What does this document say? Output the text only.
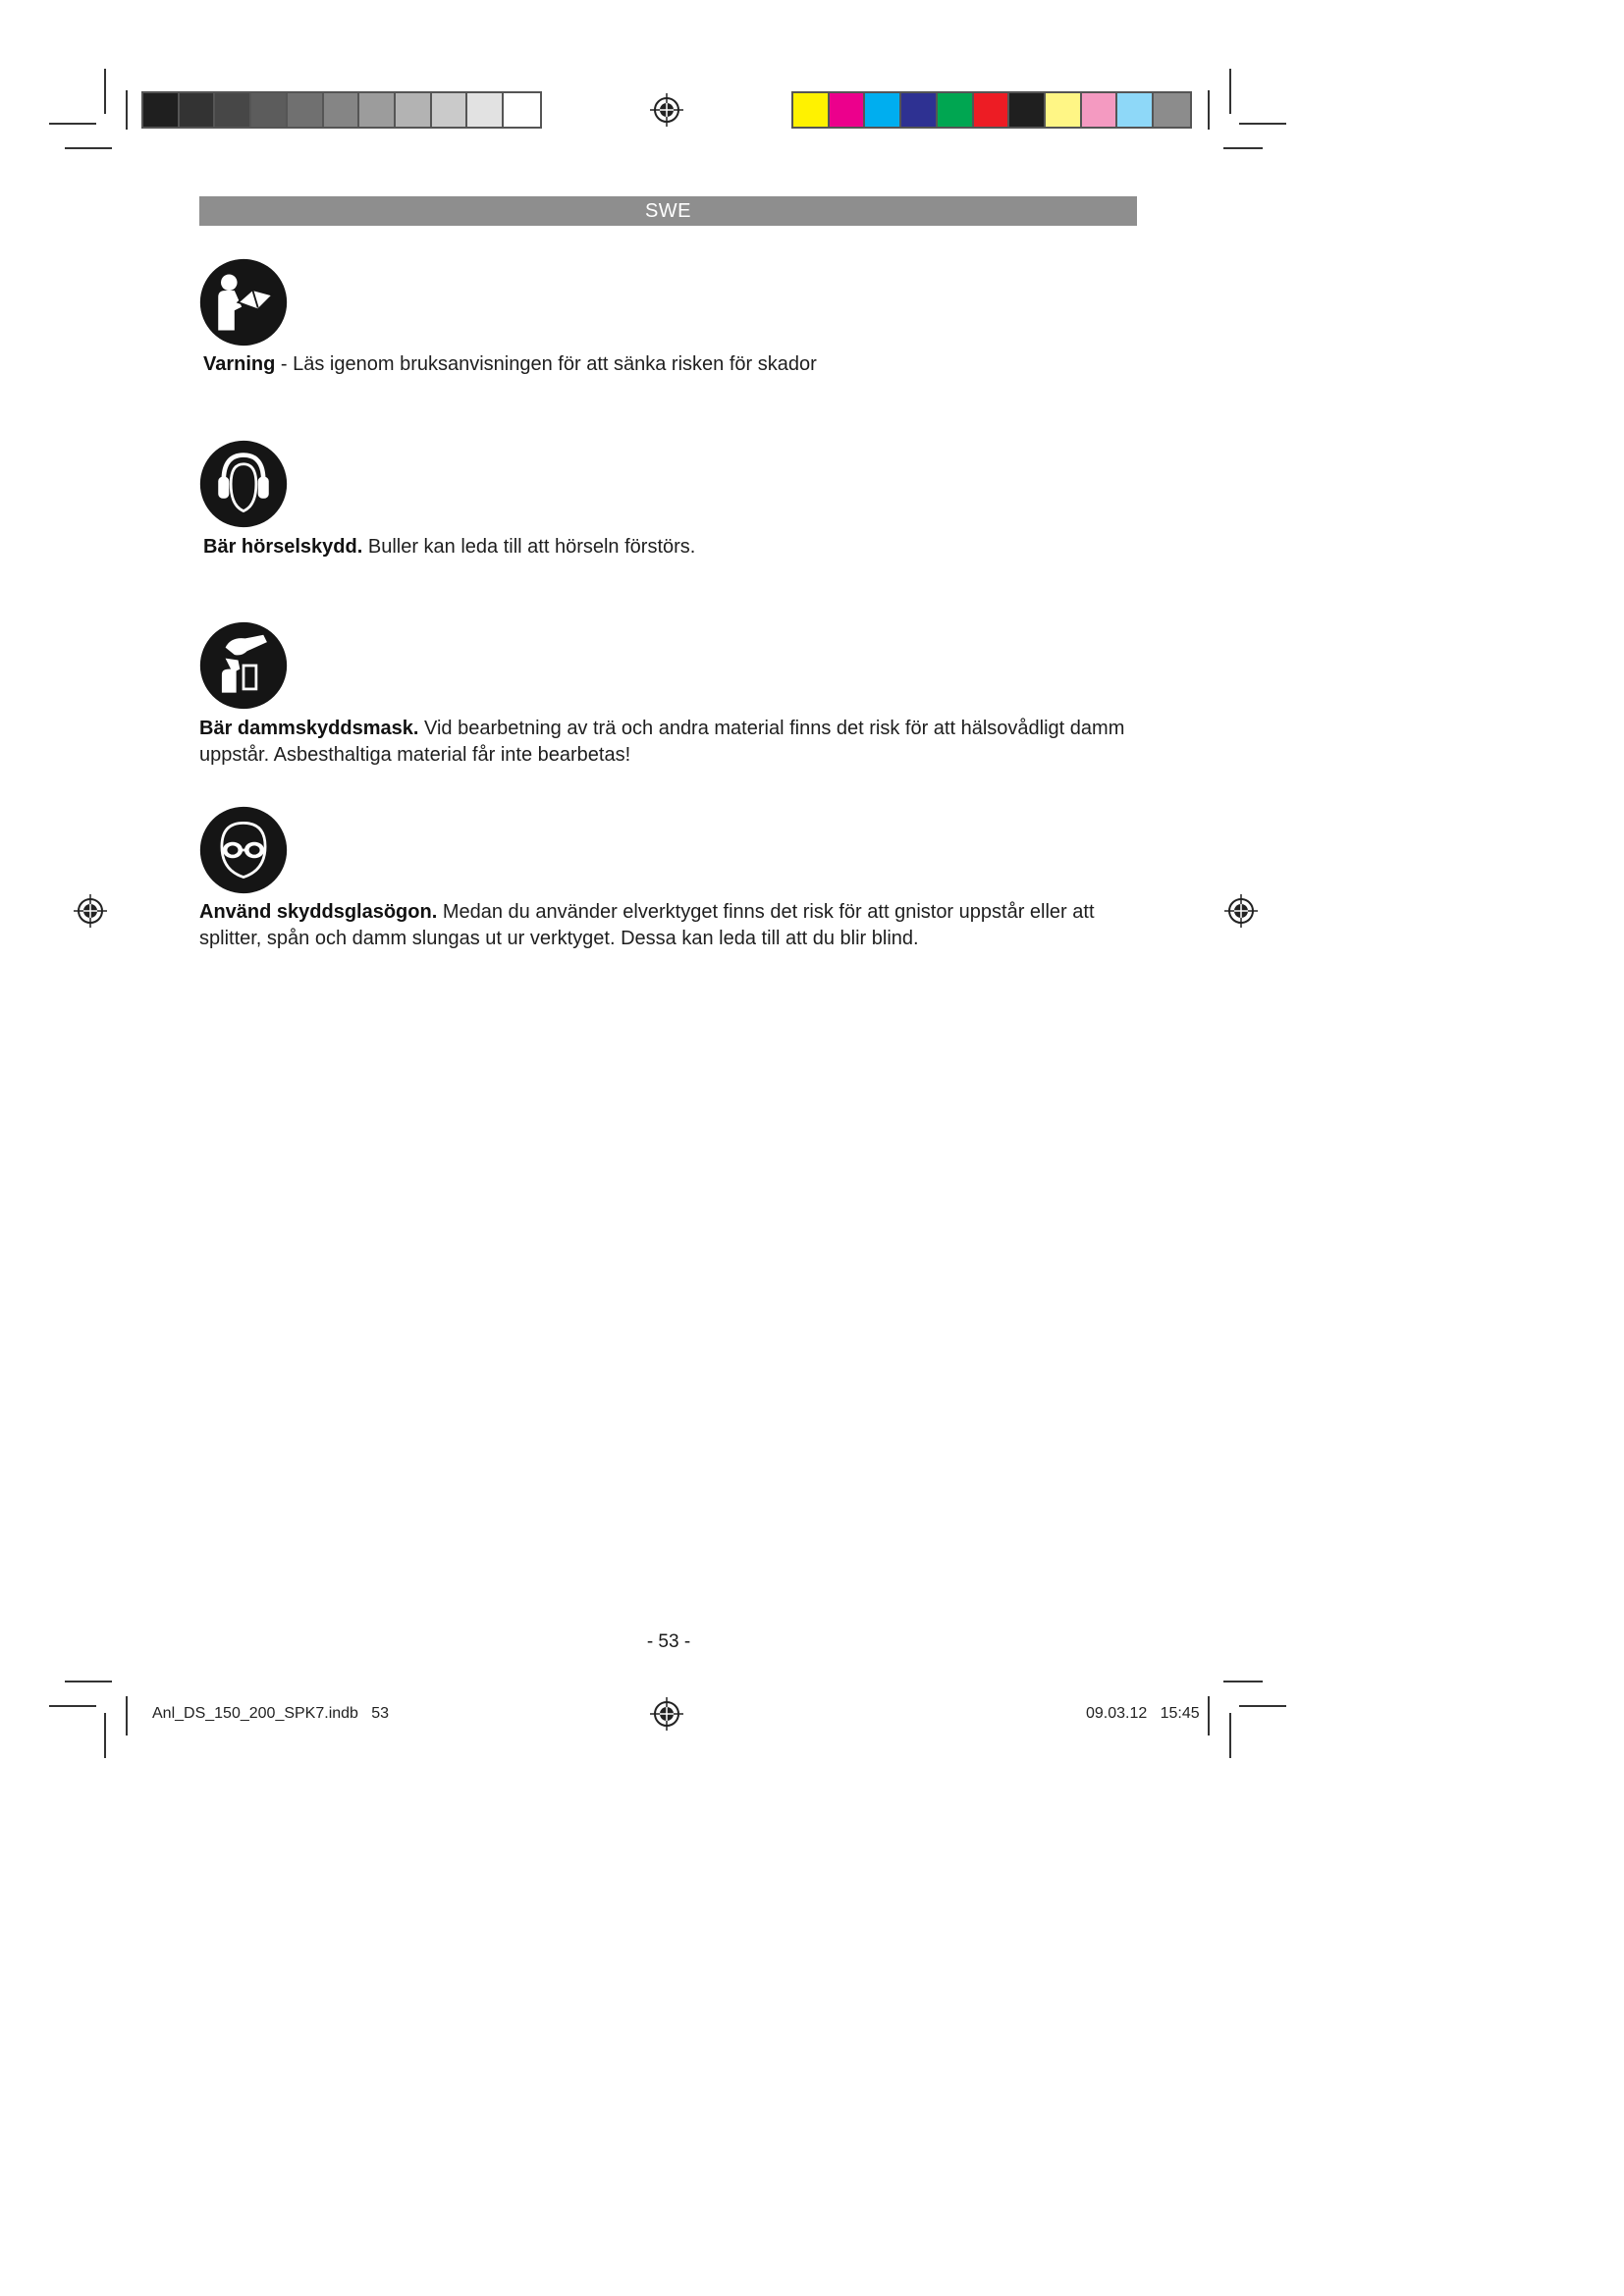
SWE
Varning - Läs igenom bruksanvisningen för att sänka risken för skador
Bär hörselskydd. Buller kan leda till att hörseln förstörs.
Bär dammskyddsmask. Vid bearbetning av trä och andra material finns det risk för att hälsovådligt damm uppstår. Asbesthaltiga material får inte bearbetas!
Använd skyddsglasögon. Medan du använder elverktyget finns det risk för att gnistor uppstår eller att splitter, spån och damm slungas ut ur verktyget. Dessa kan leda till att du blir blind.
- 53 -
Anl_DS_150_200_SPK7.indb   53	09.03.12   15:45
